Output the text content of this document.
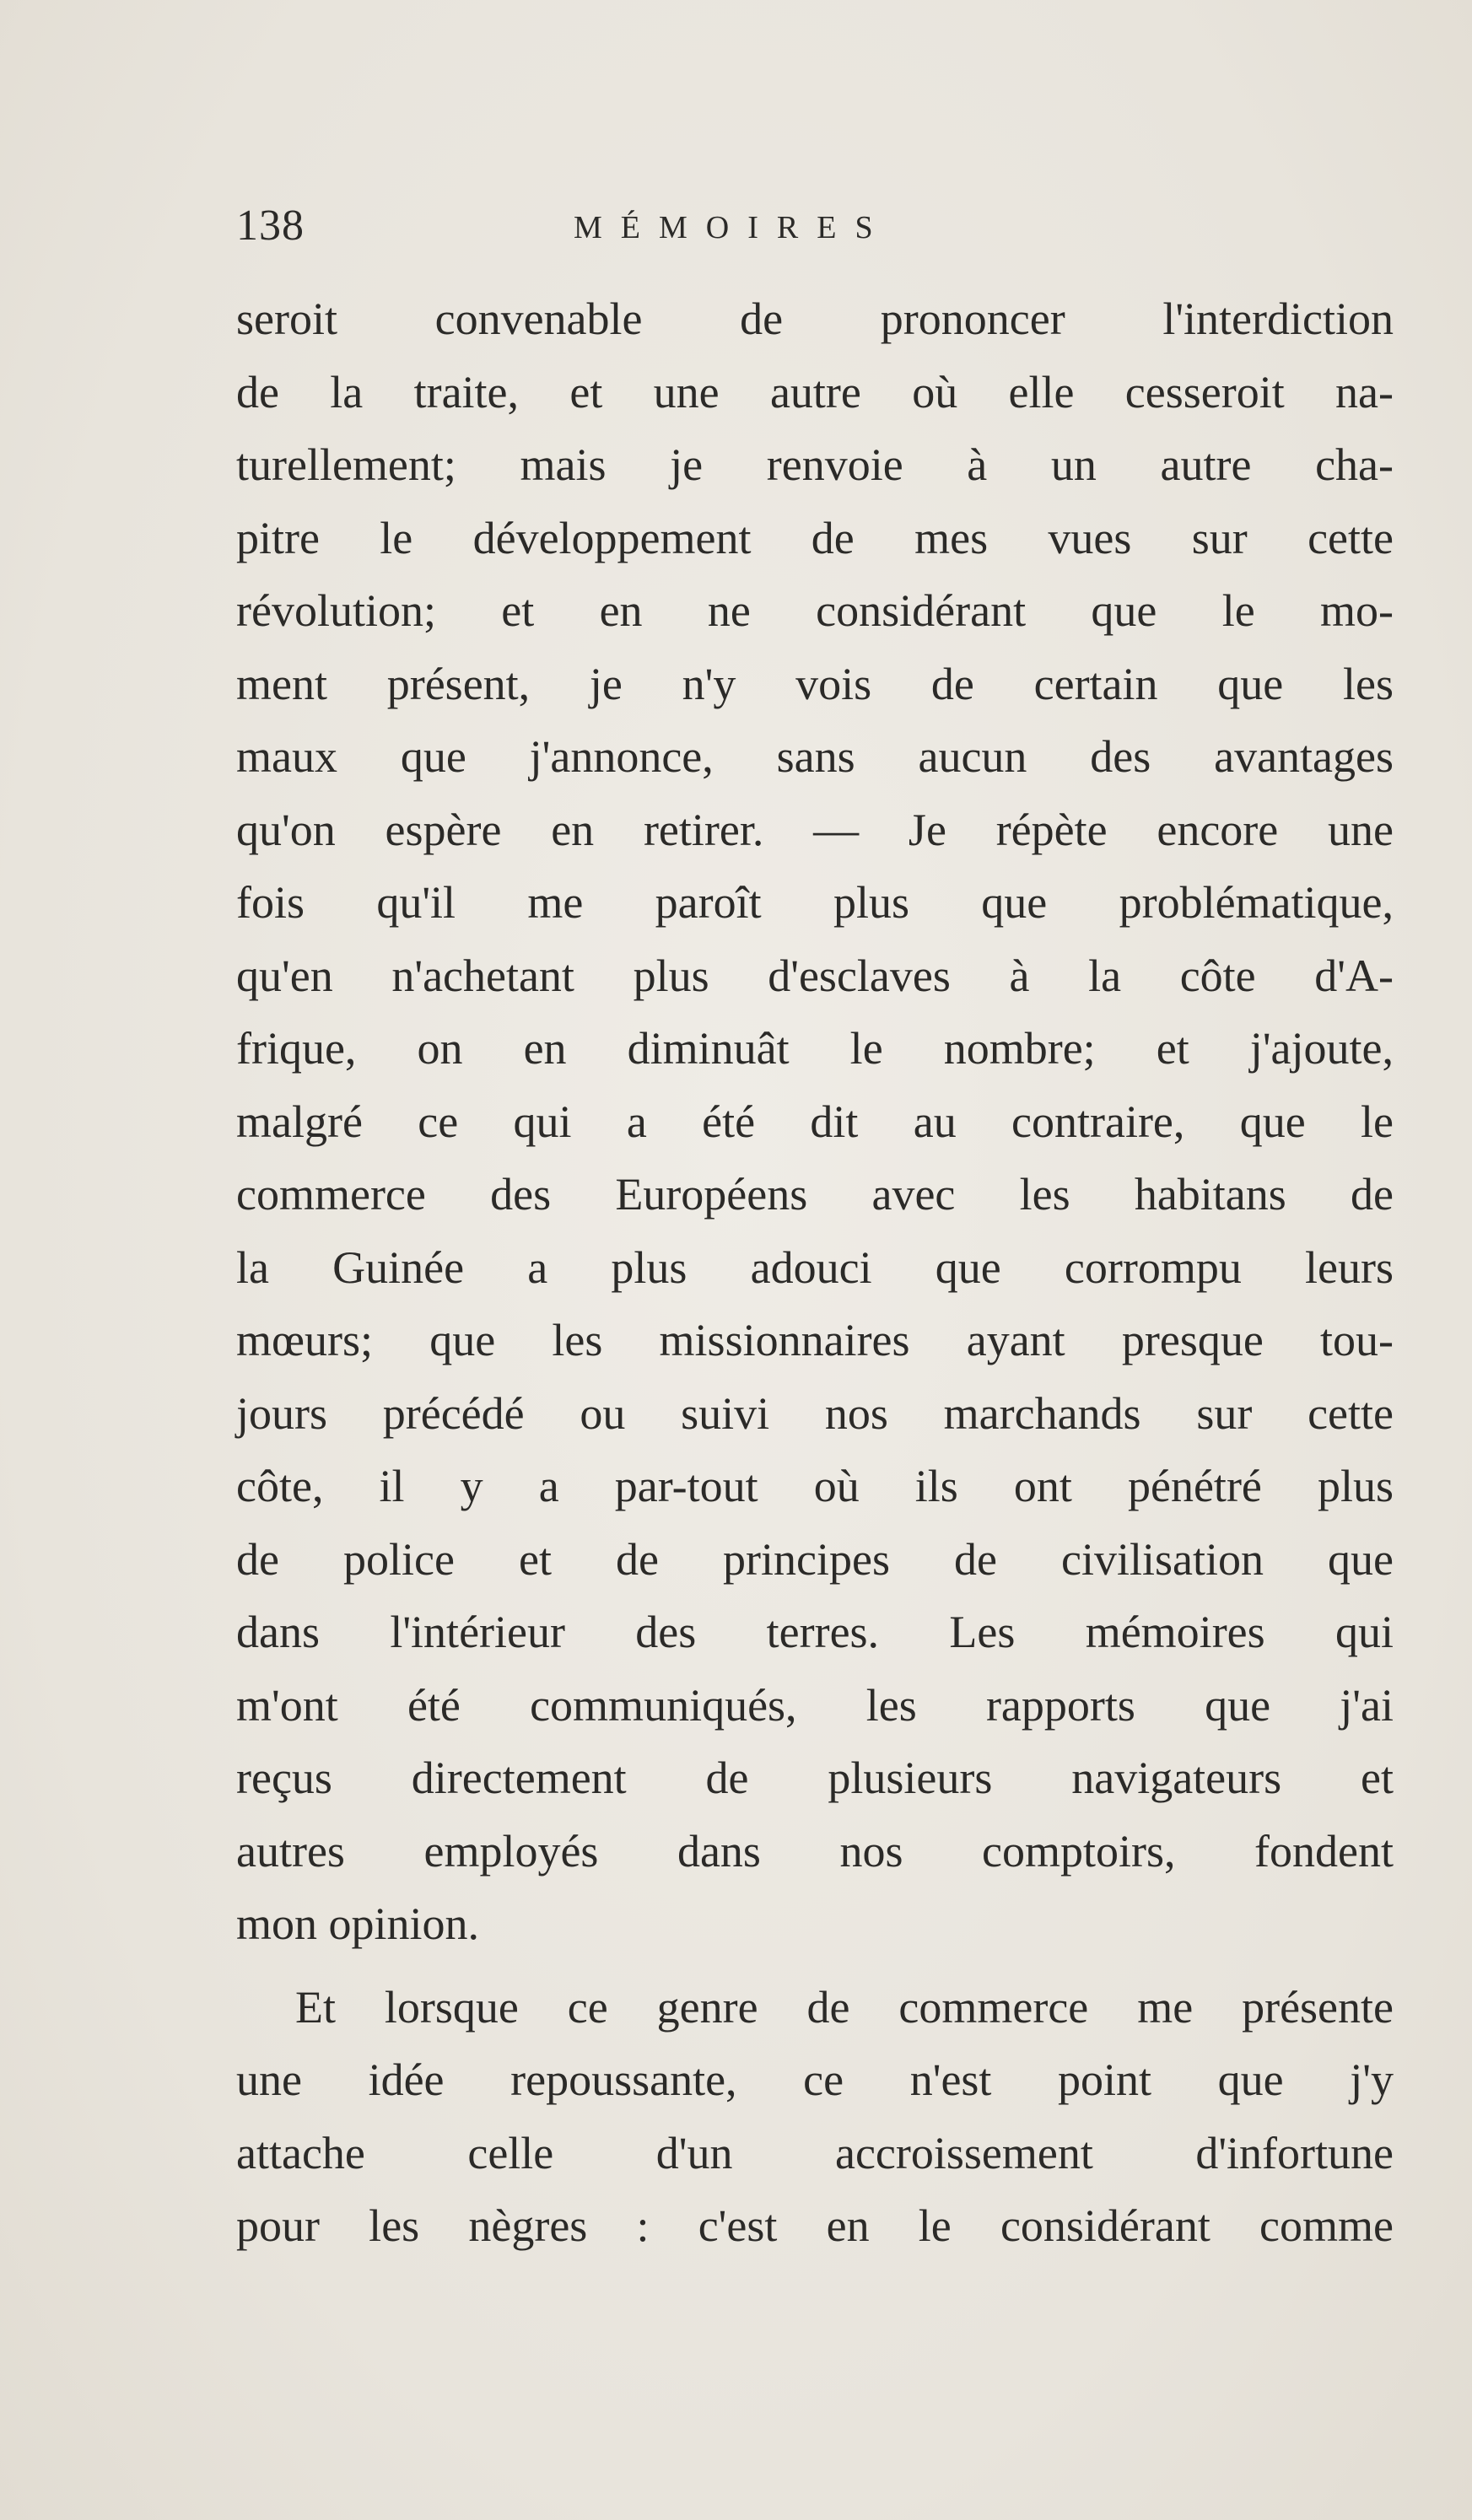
138	MÉMOIRES
seroit convenable de prononcer l'interdiction
de la traite, et une autre où elle cesseroit na-
turellement; mais je renvoie à un autre cha-
pitre le développement de mes vues sur cette
révolution; et en ne considérant que le mo-
ment présent, je n'y vois de certain que les
maux que j'annonce, sans aucun des avantages
qu'on espère en retirer. — Je répète encore une
fois qu'il me paroît plus que problématique,
qu'en n'achetant plus d'esclaves à la côte d'A-
frique, on en diminuât le nombre; et j'ajoute,
malgré ce qui a été dit au contraire, que le
commerce des Européens avec les habitans de
la Guinée a plus adouci que corrompu leurs
mœurs; que les missionnaires ayant presque tou-
jours précédé ou suivi nos marchands sur cette
côte, il y a par-tout où ils ont pénétré plus
de police et de principes de civilisation que
dans l'intérieur des terres. Les mémoires qui
m'ont été communiqués, les rapports que j'ai
reçus directement de plusieurs navigateurs et
autres employés dans nos comptoirs, fondent
mon opinion.
Et lorsque ce genre de commerce me présente
une idée repoussante, ce n'est point que j'y
attache celle d'un accroissement d'infortune
pour les nègres : c'est en le considérant comme
